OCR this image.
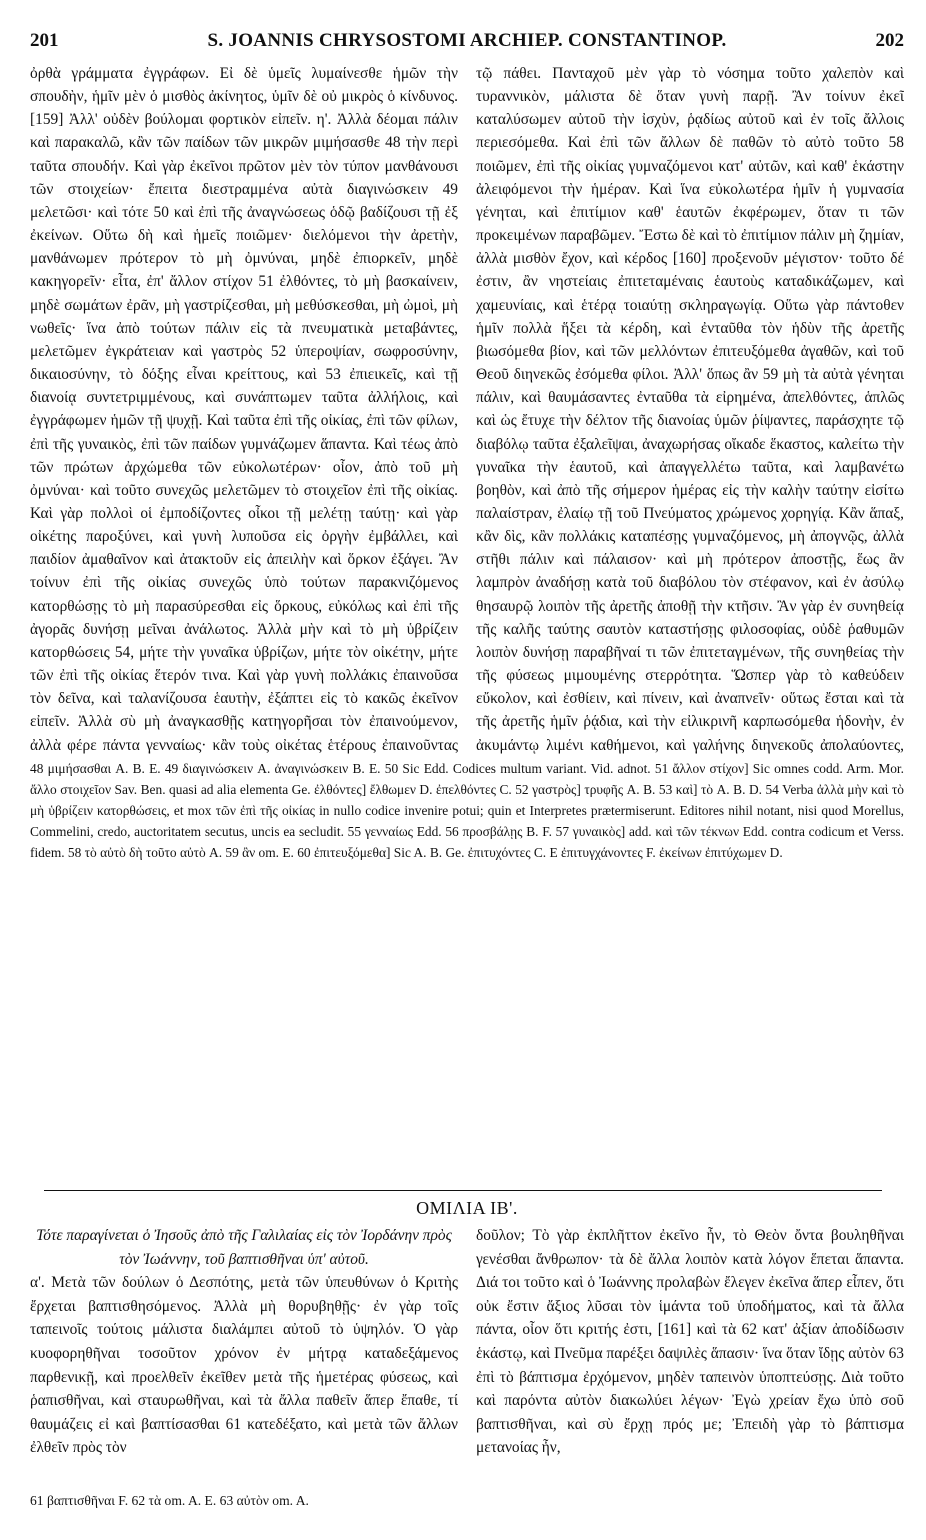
201	S. JOANNIS CHRYSOSTOMI ARCHIEP. CONSTANTINOP.	202

ὀρθὰ γράμματα ἐγγράφων. Εἰ δὲ ὑμεῖς λυμαίνεσθε ἡμῶν τὴν σπουδὴν, ἡμῖν μὲν ὁ μισθὸς ἀκίνητος, ὑμῖν δὲ οὐ μικρὸς ὁ κίνδυνος. [159] Ἀλλ' οὐδὲν βούλομαι φορτικὸν εἰπεῖν. η'. Ἀλλὰ δέομαι πάλιν καὶ παρακαλῶ, κἂν τῶν παίδων τῶν μικρῶν μιμήσασθε 48 τὴν περὶ ταῦτα σπουδήν. Καὶ γὰρ ἐκεῖνοι πρῶτον μὲν τὸν τύπον μανθάνουσι τῶν στοιχείων· ἔπειτα διεστραμμένα αὐτὰ διαγινώσκειν 49 μελετῶσι· καὶ τότε 50 καὶ ἐπὶ τῆς ἀναγνώσεως ὁδῷ βαδίζουσι τῇ ἐξ ἐκείνων. Οὕτω δὴ καὶ ἡμεῖς ποιῶμεν· διελόμενοι τὴν ἀρετὴν, μανθάνωμεν πρότερον τὸ μὴ ὀμνύναι, μηδὲ ἐπιορκεῖν, μηδὲ κακηγορεῖν· εἶτα, ἐπ' ἄλλον στίχον 51 ἐλθόντες, τὸ μὴ βασκαίνειν, μηδὲ σωμάτων ἐρᾶν, μὴ γαστρίζεσθαι, μὴ μεθύσκεσθαι, μὴ ὠμοὶ, μὴ νωθεῖς· ἵνα ἀπὸ τούτων πάλιν εἰς τὰ πνευματικὰ μεταβάντες, μελετῶμεν ἐγκράτειαν καὶ γαστρὸς 52 ὑπεροψίαν, σωφροσύνην, δικαιοσύνην, τὸ δόξης εἶναι κρείττους, καὶ 53 ἐπιεικεῖς, καὶ τῇ διανοίᾳ συντετριμμένους, καὶ συνάπτωμεν ταῦτα ἀλλήλοις, καὶ ἐγγράφωμεν ἡμῶν τῇ ψυχῇ. Καὶ ταῦτα ἐπὶ τῆς οἰκίας, ἐπὶ τῶν φίλων, ἐπὶ τῆς γυναικὸς, ἐπὶ τῶν παίδων γυμνάζωμεν ἅπαντα. Καὶ τέως ἀπὸ τῶν πρώτων ἀρχώμεθα τῶν εὐκολωτέρων· οἷον, ἀπὸ τοῦ μὴ ὀμνύναι· καὶ τοῦτο συνεχῶς μελετῶμεν τὸ στοιχεῖον ἐπὶ τῆς οἰκίας. Καὶ γὰρ πολλοὶ οἱ ἐμποδίζοντες οἶκοι τῇ μελέτῃ ταύτῃ· καὶ γὰρ οἰκέτης παροξύνει, καὶ γυνὴ λυποῦσα εἰς ὀργὴν ἐμβάλλει, καὶ παιδίον ἀμαθαῖνον καὶ ἀτακτοῦν εἰς ἀπειλὴν καὶ ὅρκον ἐξάγει. Ἂν τοίνυν ἐπὶ τῆς οἰκίας συνεχῶς ὑπὸ τούτων παρακνιζόμενος κατορθώσῃς τὸ μὴ παρασύρεσθαι εἰς ὅρκους, εὐκόλως καὶ ἐπὶ τῆς ἀγορᾶς δυνήσῃ μεῖναι ἀνάλωτος. Ἀλλὰ μὴν καὶ τὸ μὴ ὑβρίζειν κατορθώσεις 54, μήτε τὴν γυναῖκα ὑβρίζων, μήτε τὸν οἰκέτην, μήτε τῶν ἐπὶ τῆς οἰκίας ἕτερόν τινα. Καὶ γὰρ γυνὴ πολλάκις ἐπαινοῦσα τὸν δεῖνα, καὶ ταλανίζουσα ἑαυτὴν, ἐξάπτει εἰς τὸ κακῶς ἐκεῖνον εἰπεῖν. Ἀλλὰ σὺ μὴ ἀναγκασθῇς κατηγορῆσαι τὸν ἐπαινούμενον, ἀλλὰ φέρε πάντα γενναίως· κἂν τοὺς οἰκέτας ἑτέρους ἐπαινοῦντας

τῷ πάθει. Πανταχοῦ μὲν γὰρ τὸ νόσημα τοῦτο χαλεπὸν καὶ τυραννικὸν, μάλιστα δὲ ὅταν γυνὴ παρῇ. Ἂν τοίνυν ἐκεῖ καταλύσωμεν αὐτοῦ τὴν ἰσχὺν, ῥᾳδίως αὐτοῦ καὶ ἐν τοῖς ἄλλοις περιεσόμεθα. Καὶ ἐπὶ τῶν ἄλλων δὲ παθῶν τὸ αὐτὸ τοῦτο 58 ποιῶμεν, ἐπὶ τῆς οἰκίας γυμναζόμενοι κατ' αὐτῶν, καὶ καθ' ἑκάστην ἀλειφόμενοι τὴν ἡμέραν. Καὶ ἵνα εὐκολωτέρα ἡμῖν ἡ γυμνασία γένηται, καὶ ἐπιτίμιον καθ' ἑαυτῶν ἐκφέρωμεν, ὅταν τι τῶν προκειμένων παραβῶμεν. Ἔστω δὲ καὶ τὸ ἐπιτίμιον πάλιν μὴ ζημίαν, ἀλλὰ μισθὸν ἔχον, καὶ κέρδος [160] προξενοῦν μέγιστον· τοῦτο δέ ἐστιν, ἂν νηστείαις ἐπιτεταμέναις ἑαυτοὺς καταδικάζωμεν, καὶ χαμευνίαις, καὶ ἑτέρᾳ τοιαύτῃ σκληραγωγίᾳ. Οὕτω γὰρ πάντοθεν ἡμῖν πολλὰ ἥξει τὰ κέρδη, καὶ ἐνταῦθα τὸν ἡδὺν τῆς ἀρετῆς βιωσόμεθα βίον, καὶ τῶν μελλόντων ἐπιτευξόμεθα ἀγαθῶν, καὶ τοῦ Θεοῦ διηνεκῶς ἐσόμεθα φίλοι. Ἀλλ' ὅπως ἂν 59 μὴ τὰ αὐτὰ γένηται πάλιν, καὶ θαυμάσαντες ἐνταῦθα τὰ εἰρημένα, ἀπελθόντες, ἁπλῶς καὶ ὡς ἔτυχε τὴν δέλτον τῆς διανοίας ὑμῶν ῥίψαντες, παράσχητε τῷ διαβόλῳ ταῦτα ἐξαλεῖψαι, ἀναχωρήσας οἴκαδε ἕκαστος, καλείτω τὴν γυναῖκα τὴν ἑαυτοῦ, καὶ ἀπαγγελλέτω ταῦτα, καὶ λαμβανέτω βοηθὸν, καὶ ἀπὸ τῆς σήμερον ἡμέρας εἰς τὴν καλὴν ταύτην εἰσίτω παλαίστραν, ἐλαίῳ τῇ τοῦ Πνεύματος χρώμενος χορηγίᾳ. Κἂν ἅπαξ, κἂν δὶς, κἂν πολλάκις καταπέσῃς γυμναζόμενος, μὴ ἀπογνῷς, ἀλλὰ στῆθι πάλιν καὶ πάλαισον· καὶ μὴ πρότερον ἀποστῇς, ἕως ἂν λαμπρὸν ἀναδήσῃ κατὰ τοῦ διαβόλου τὸν στέφανον, καὶ ἐν ἀσύλῳ θησαυρῷ λοιπὸν τῆς ἀρετῆς ἀποθῇ τὴν κτῆσιν. Ἂν γὰρ ἐν συνηθείᾳ τῆς καλῆς ταύτης σαυτὸν καταστήσῃς φιλοσοφίας, οὐδὲ ῥαθυμῶν λοιπὸν δυνήσῃ παραβῆναί τι τῶν ἐπιτεταγμένων, τῆς συνηθείας τὴν τῆς φύσεως μιμουμένης στερρότητα. Ὥσπερ γὰρ τὸ καθεύδειν εὔκολον, καὶ ἐσθίειν, καὶ πίνειν, καὶ ἀναπνεῖν· οὕτως ἔσται καὶ τὰ τῆς ἀρετῆς ἡμῖν ῥᾴδια, καὶ τὴν εἰλικρινῆ καρπωσόμεθα ἡδονὴν, ἐν ἀκυμάντῳ λιμένι καθήμενοι, καὶ γαλήνης διηνεκοῦς ἀπολαύοντες,

48 μιμήσασθαι A. B. E. 49 διαγινώσκειν A. ἀναγινώσκειν B. E. 50 Sic Edd. Codices multum variant. Vid. adnot. 51 ἄλλον στίχον] Sic omnes codd. Arm. Mor. ἄλλο στοιχεῖον Sav. Ben. quasi ad alia elementa Ge. ἐλθόντες] ἔλθωμεν D. ἐπελθόντες C. 52 γαστρὸς] τρυφῆς A. B. 53 καὶ] τὸ A. B. D. 54 Verba ἀλλὰ μὴν καὶ τὸ μὴ ὑβρίζειν κατορθώσεις, et mox τῶν ἐπὶ τῆς οἰκίας in nullo codice invenire potui; quin et Interpretes prætermiserunt. Editores nihil notant, nisi quod Morellus, Commelini, credo, auctoritatem secutus, uncis ea secludit. 55 γενναίως Edd. 56 προσβάλῃς B. F. 57 γυναικὸς] add. καὶ τῶν τέκνων Edd. contra codicum et Verss. fidem. 58 τὸ αὐτὸ δὴ τοῦτο αὐτὸ A. 59 ἂν om. E. 60 ἐπιτευξόμεθα] Sic A. B. Ge. ἐπιτυχόντες C. E ἐπιτυγχάνοντες F. ἐκείνων ἐπιτύχωμεν D.

ΟΜΙΛΙΑ ΙΒ'.

Τότε παραγίνεται ὁ Ἰησοῦς ἀπὸ τῆς Γαλιλαίας εἰς τὸν Ἰορδάνην πρὸς τὸν Ἰωάννην, τοῦ βαπτισθῆναι ὑπ' αὐτοῦ.

α'. Μετὰ τῶν δούλων ὁ Δεσπότης, μετὰ τῶν ὑπευθύνων ὁ Κριτὴς ἔρχεται βαπτισθησόμενος. Ἀλλὰ μὴ θορυβηθῇς· ἐν γὰρ τοῖς ταπεινοῖς τούτοις μάλιστα διαλάμπει αὐτοῦ τὸ ὑψηλόν. Ὁ γὰρ κυοφορηθῆναι τοσοῦτον χρόνον ἐν μήτρᾳ καταδεξάμενος παρθενικῇ, καὶ προελθεῖν ἐκεῖθεν μετὰ τῆς ἡμετέρας φύσεως, καὶ ῥαπισθῆναι, καὶ σταυρωθῆναι, καὶ τὰ ἄλλα παθεῖν ἅπερ ἔπαθε, τί θαυμάζεις εἰ καὶ βαπτίσασθαι 61 κατεδέξατο, καὶ μετὰ τῶν ἄλλων ἐλθεῖν πρὸς τὸν

δοῦλον; Τὸ γὰρ ἐκπλῆττον ἐκεῖνο ἦν, τὸ Θεὸν ὄντα βουληθῆναι γενέσθαι ἄνθρωπον· τὰ δὲ ἄλλα λοιπὸν κατὰ λόγον ἕπεται ἅπαντα. Διά τοι τοῦτο καὶ ὁ Ἰωάννης προλαβὼν ἔλεγεν ἐκεῖνα ἅπερ εἶπεν, ὅτι οὐκ ἔστιν ἄξιος λῦσαι τὸν ἱμάντα τοῦ ὑποδήματος, καὶ τὰ ἄλλα πάντα, οἷον ὅτι κριτής ἐστι, [161] καὶ τὰ 62 κατ' ἀξίαν ἀποδίδωσιν ἑκάστῳ, καὶ Πνεῦμα παρέξει δαψιλὲς ἅπασιν· ἵνα ὅταν ἴδῃς αὐτὸν 63 ἐπὶ τὸ βάπτισμα ἐρχόμενον, μηδὲν ταπεινὸν ὑποπτεύσῃς. Διὰ τοῦτο καὶ παρόντα αὐτὸν διακωλύει λέγων· Ἐγὼ χρείαν ἔχω ὑπὸ σοῦ βαπτισθῆναι, καὶ σὺ ἔρχῃ πρός με; Ἐπειδὴ γὰρ τὸ βάπτισμα μετανοίας ἦν,

61 βαπτισθῆναι F. 62 τὰ om. A. E. 63 αὐτὸν om. A.
